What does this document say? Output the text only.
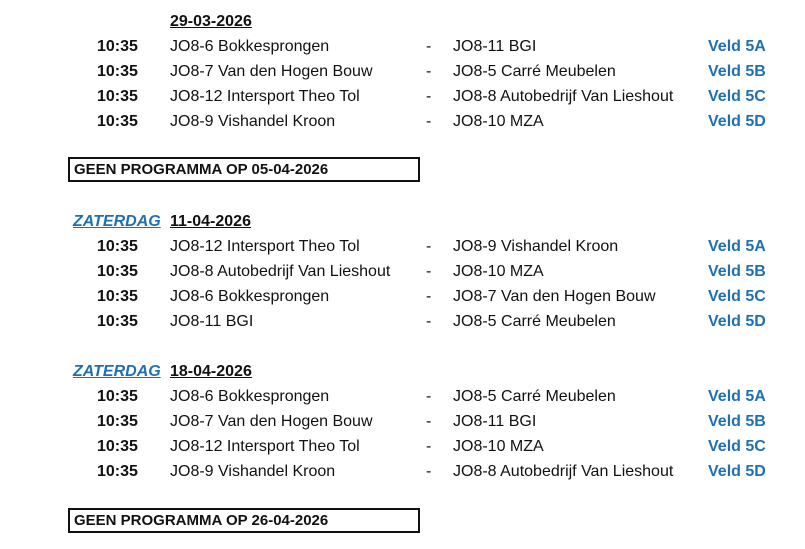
29-03-2026
10:35 JO8-6 Bokkesprongen	- JO8-11 BGI	Veld 5A
10:35 JO8-7 Van den Hogen Bouw	- JO8-5 Carré Meubelen	Veld 5B
10:35 JO8-12 Intersport Theo Tol	- JO8-8 Autobedrijf Van Lieshout Veld 5C
10:35 JO8-9 Vishandel Kroon	- JO8-10 MZA	Veld 5D
GEEN PROGRAMMA OP 05-04-2026
ZATERDAG 11-04-2026
10:35 JO8-12 Intersport Theo Tol	- JO8-9 Vishandel Kroon	Veld 5A
10:35 JO8-8 Autobedrijf Van Lieshout - JO8-10 MZA	Veld 5B
10:35 JO8-6 Bokkesprongen	- JO8-7 Van den Hogen Bouw	Veld 5C
10:35 JO8-11 BGI	- JO8-5 Carré Meubelen	Veld 5D
ZATERDAG 18-04-2026
10:35 JO8-6 Bokkesprongen	- JO8-5 Carré Meubelen	Veld 5A
10:35 JO8-7 Van den Hogen Bouw	- JO8-11 BGI	Veld 5B
10:35 JO8-12 Intersport Theo Tol	- JO8-10 MZA	Veld 5C
10:35 JO8-9 Vishandel Kroon	- JO8-8 Autobedrijf Van Lieshout Veld 5D
GEEN PROGRAMMA OP 26-04-2026
